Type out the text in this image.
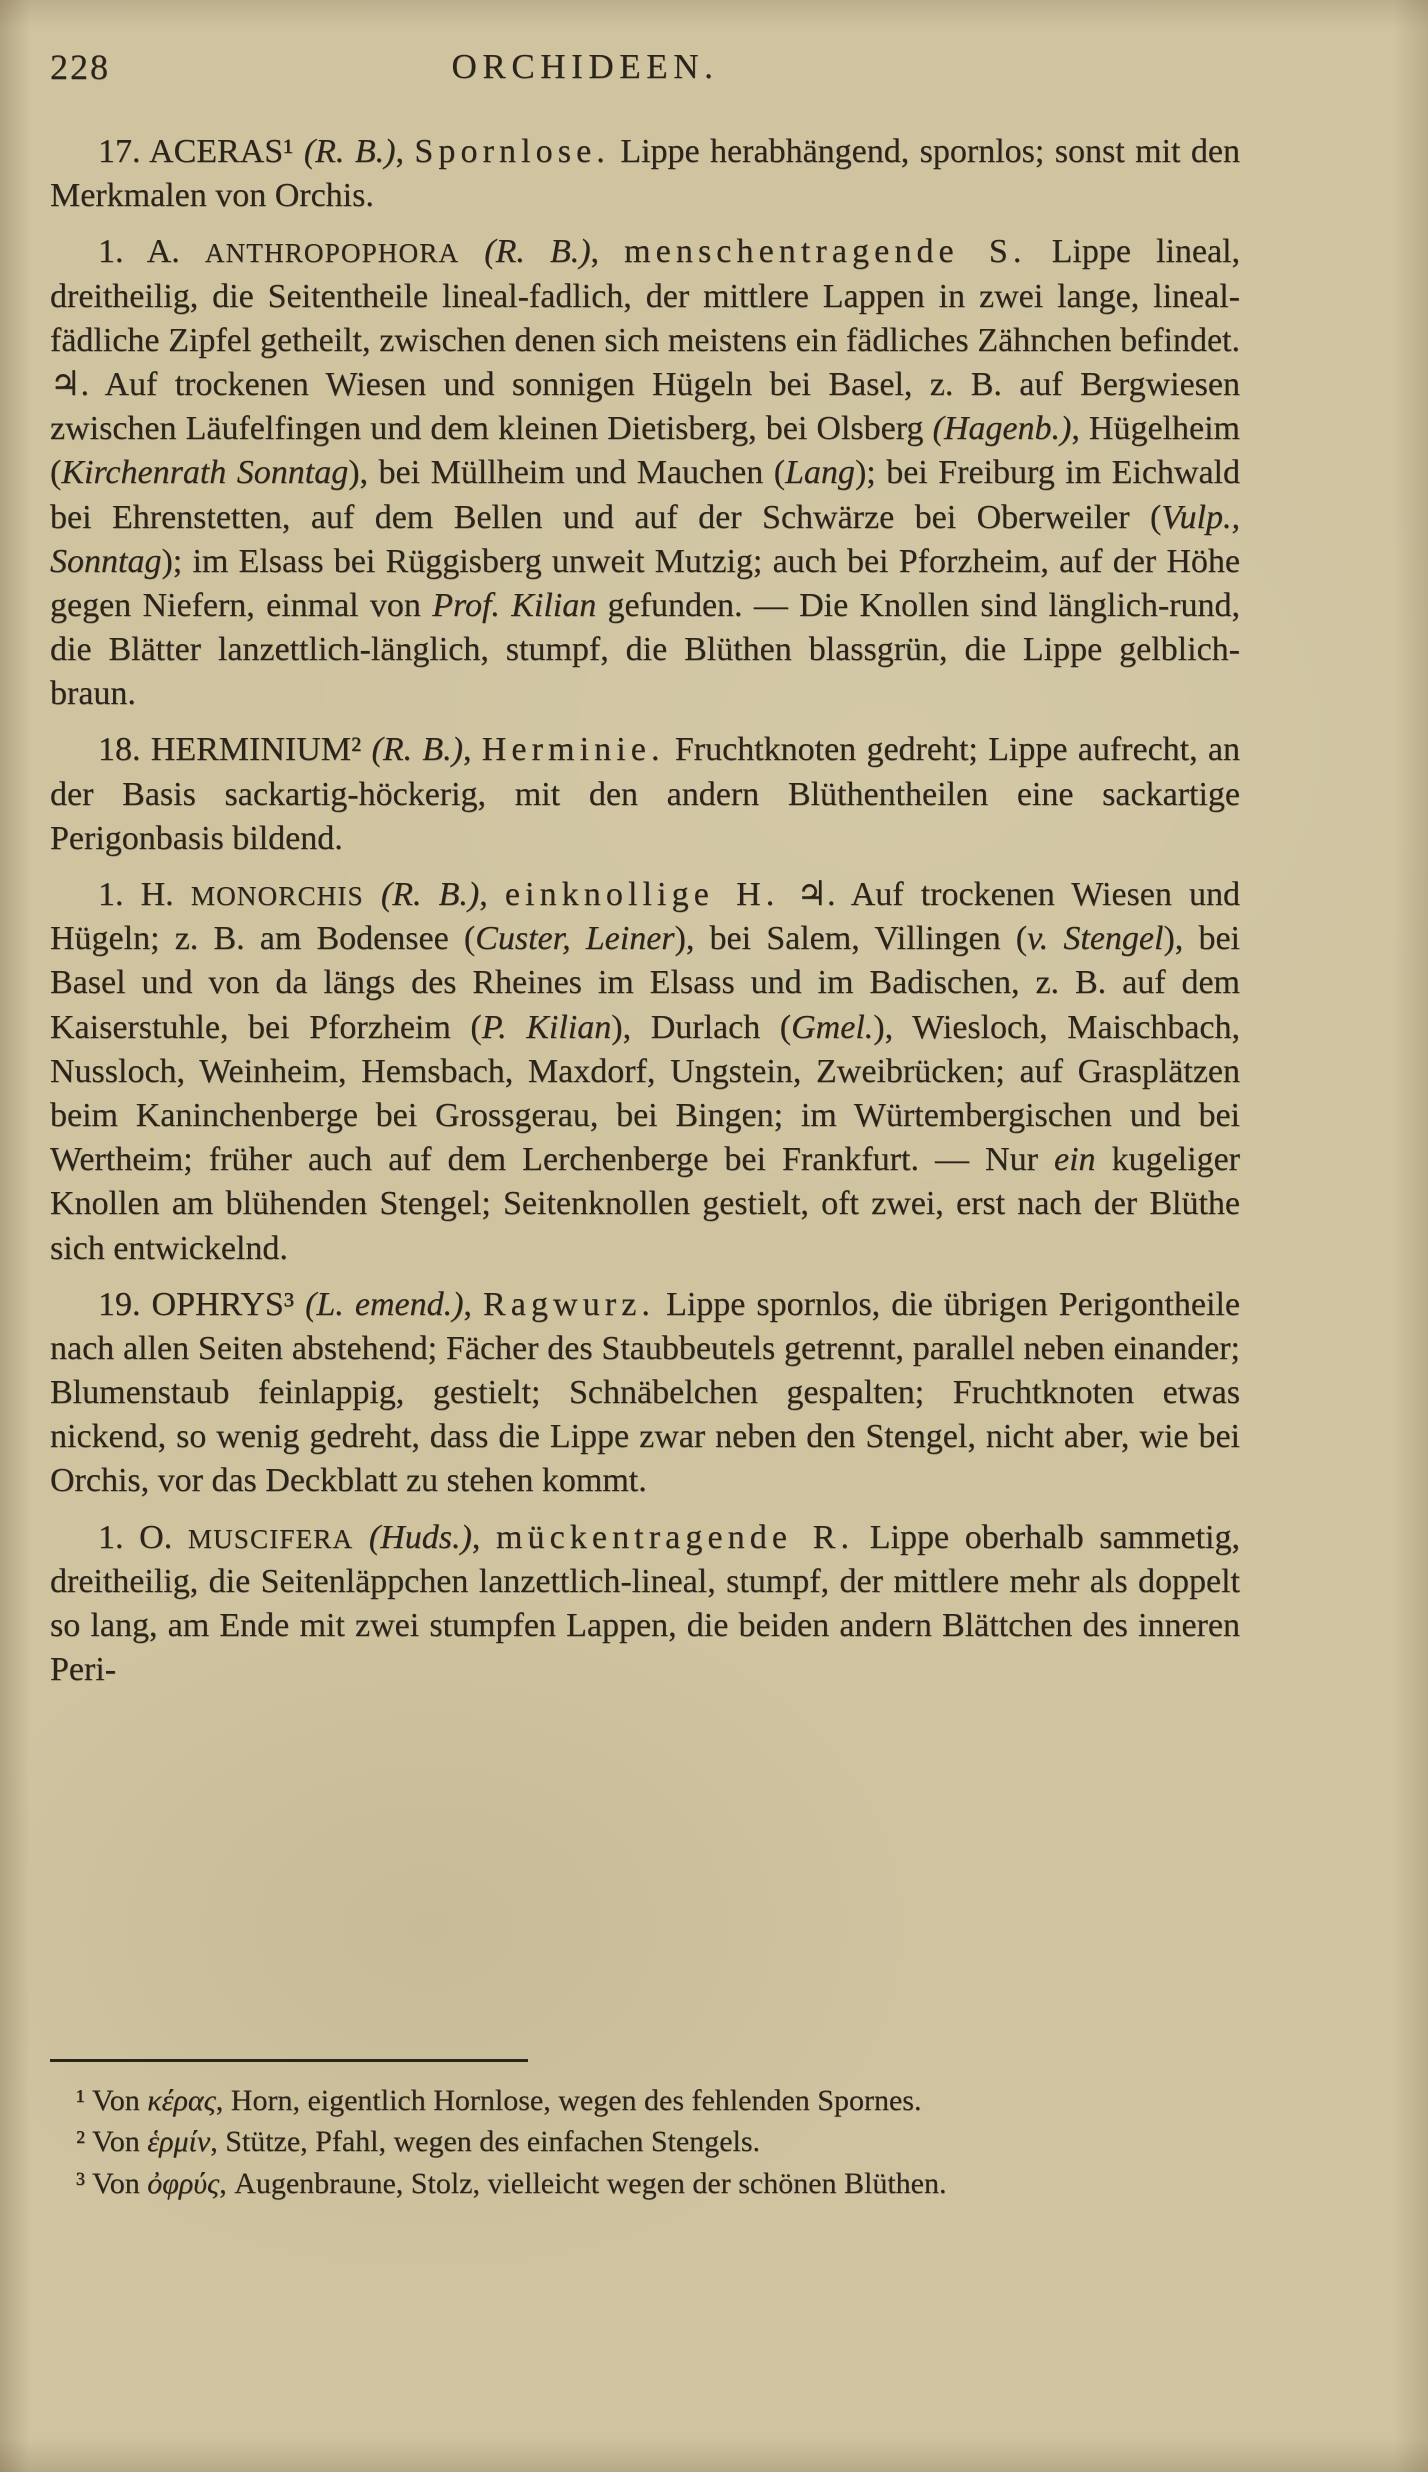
228	ORCHIDEEN.

17. ACERAS¹ (R. B.), Spornlose. Lippe herabhängend, spornlos; sonst mit den Merkmalen von Orchis.

1. A. ANTHROPOPHORA (R. B.), menschentragende S. Lippe lineal, dreitheilig, die Seitentheile lineal-fadlich, der mittlere Lappen in zwei lange, lineal-fädliche Zipfel getheilt, zwischen denen sich meistens ein fädliches Zähnchen befindet. ♃. Auf trockenen Wiesen und sonnigen Hügeln bei Basel, z. B. auf Bergwiesen zwischen Läufelfingen und dem kleinen Dietisberg, bei Olsberg (Hagenb.), Hügelheim (Kirchenrath Sonntag), bei Müllheim und Mauchen (Lang); bei Freiburg im Eichwald bei Ehrenstetten, auf dem Bellen und auf der Schwärze bei Oberweiler (Vulp., Sonntag); im Elsass bei Rüggisberg unweit Mutzig; auch bei Pforzheim, auf der Höhe gegen Niefern, einmal von Prof. Kilian gefunden. — Die Knollen sind länglich-rund, die Blätter lanzettlich-länglich, stumpf, die Blüthen blassgrün, die Lippe gelblich-braun.

18. HERMINIUM² (R. B.), Herminie. Fruchtknoten gedreht; Lippe aufrecht, an der Basis sackartig-höckerig, mit den andern Blüthentheilen eine sackartige Perigonbasis bildend.

1. H. MONORCHIS (R. B.), einknollige H. ♃. Auf trockenen Wiesen und Hügeln; z. B. am Bodensee (Custer, Leiner), bei Salem, Villingen (v. Stengel), bei Basel und von da längs des Rheines im Elsass und im Badischen, z. B. auf dem Kaiserstuhle, bei Pforzheim (P. Kilian), Durlach (Gmel.), Wiesloch, Maischbach, Nussloch, Weinheim, Hemsbach, Maxdorf, Ungstein, Zweibrücken; auf Grasplätzen beim Kaninchenberge bei Grossgerau, bei Bingen; im Würtembergischen und bei Wertheim; früher auch auf dem Lerchenberge bei Frankfurt. — Nur ein kugeliger Knollen am blühenden Stengel; Seitenknollen gestielt, oft zwei, erst nach der Blüthe sich entwickelnd.

19. OPHRYS³ (L. emend.), Ragwurz. Lippe spornlos, die übrigen Perigontheile nach allen Seiten abstehend; Fächer des Staubbeutels getrennt, parallel neben einander; Blumenstaub feinlappig, gestielt; Schnäbelchen gespalten; Fruchtknoten etwas nickend, so wenig gedreht, dass die Lippe zwar neben den Stengel, nicht aber, wie bei Orchis, vor das Deckblatt zu stehen kommt.

1. O. MUSCIFERA (Huds.), mückentragende R. Lippe oberhalb sammetig, dreitheilig, die Seitenläppchen lanzettlich-lineal, stumpf, der mittlere mehr als doppelt so lang, am Ende mit zwei stumpfen Lappen, die beiden andern Blättchen des inneren Peri-

¹ Von κέρας, Horn, eigentlich Hornlose, wegen des fehlenden Spornes.

² Von ἑρμίν, Stütze, Pfahl, wegen des einfachen Stengels.

³ Von ὀφρύς, Augenbraune, Stolz, vielleicht wegen der schönen Blüthen.
